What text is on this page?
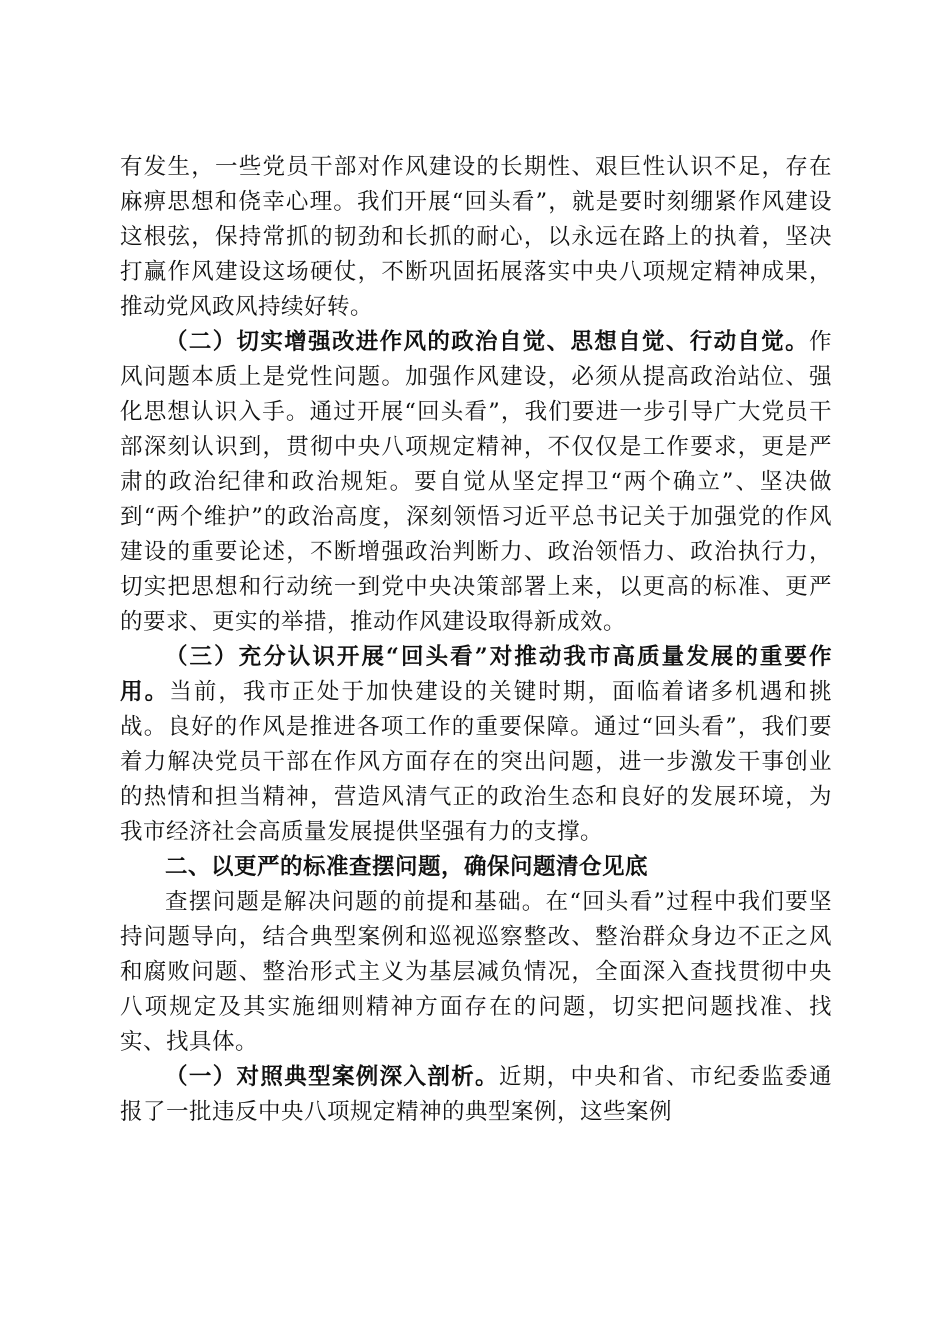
有发生，一些党员干部对作风建设的长期性、艰巨性认识不足，存在麻痹思想和侥幸心理。我们开展“回头看”，就是要时刻绷紧作风建设这根弦，保持常抓的韧劲和长抓的耐心，以永远在路上的执着，坚决打赢作风建设这场硬仗，不断巩固拓展落实中央八项规定精神成果，推动党风政风持续好转。

（二）切实增强改进作风的政治自觉、思想自觉、行动自觉。作风问题本质上是党性问题。加强作风建设，必须从提高政治站位、强化思想认识入手。通过开展“回头看”，我们要进一步引导广大党员干部深刻认识到，贯彻中央八项规定精神，不仅仅是工作要求，更是严肃的政治纪律和政治规矩。要自觉从坚定捍卫“两个确立”、坚决做到“两个维护”的政治高度，深刻领悟习近平总书记关于加强党的作风建设的重要论述，不断增强政治判断力、政治领悟力、政治执行力，切实把思想和行动统一到党中央决策部署上来，以更高的标准、更严的要求、更实的举措，推动作风建设取得新成效。

（三）充分认识开展“回头看”对推动我市高质量发展的重要作用。当前，我市正处于加快建设的关键时期，面临着诸多机遇和挑战。良好的作风是推进各项工作的重要保障。通过“回头看”，我们要着力解决党员干部在作风方面存在的突出问题，进一步激发干事创业的热情和担当精神，营造风清气正的政治生态和良好的发展环境，为我市经济社会高质量发展提供坚强有力的支撑。

二、以更严的标准查摆问题，确保问题清仓见底

查摆问题是解决问题的前提和基础。在“回头看”过程中我们要坚持问题导向，结合典型案例和巡视巡察整改、整治群众身边不正之风和腐败问题、整治形式主义为基层减负情况，全面深入查找贯彻中央八项规定及其实施细则精神方面存在的问题，切实把问题找准、找实、找具体。

（一）对照典型案例深入剖析。近期，中央和省、市纪委监委通报了一批违反中央八项规定精神的典型案例，这些案例
